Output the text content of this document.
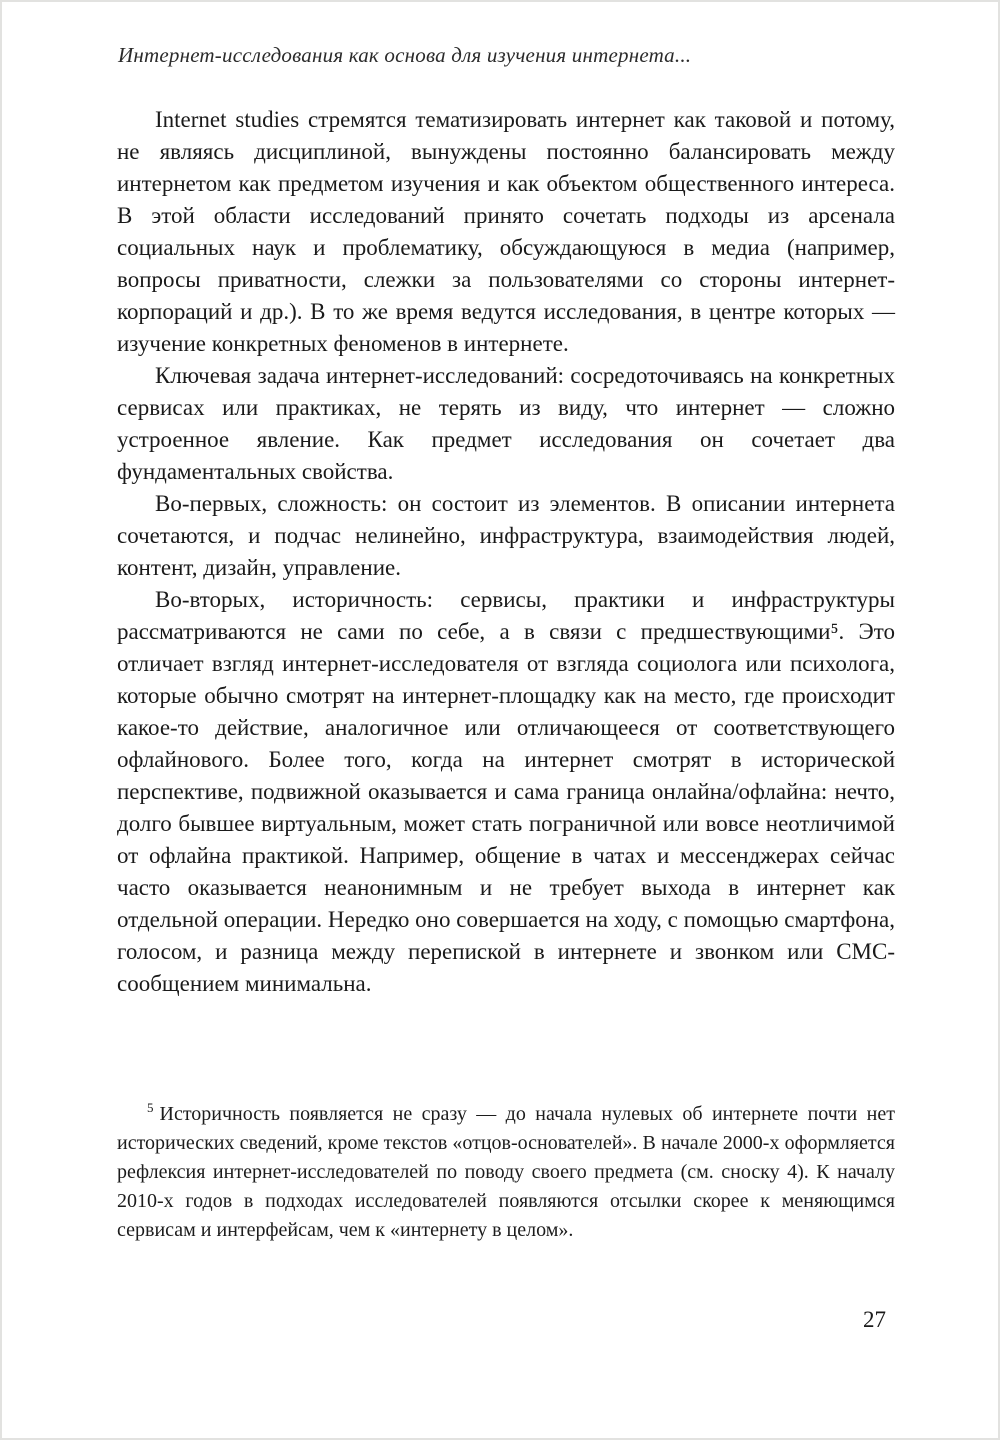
Интернет-исследования как основа для изучения интернета...

Internet studies стремятся тематизировать интернет как таковой и потому, не являясь дисциплиной, вынуждены постоянно балансировать между интернетом как предметом изучения и как объектом общественного интереса. В этой области исследований принято сочетать подходы из арсенала социальных наук и проблематику, обсуждающуюся в медиа (например, вопросы приватности, слежки за пользователями со стороны интернет-корпораций и др.). В то же время ведутся исследования, в центре которых — изучение конкретных феноменов в интернете.

Ключевая задача интернет-исследований: сосредоточиваясь на конкретных сервисах или практиках, не терять из виду, что интернет — сложно устроенное явление. Как предмет исследования он сочетает два фундаментальных свойства.

Во-первых, сложность: он состоит из элементов. В описании интернета сочетаются, и подчас нелинейно, инфраструктура, взаимодействия людей, контент, дизайн, управление.

Во-вторых, историчность: сервисы, практики и инфраструктуры рассматриваются не сами по себе, а в связи с предшествующими⁵. Это отличает взгляд интернет-исследователя от взгляда социолога или психолога, которые обычно смотрят на интернет-площадку как на место, где происходит какое-то действие, аналогичное или отличающееся от соответствующего офлайнового. Более того, когда на интернет смотрят в исторической перспективе, подвижной оказывается и сама граница онлайна/офлайна: нечто, долго бывшее виртуальным, может стать пограничной или вовсе неотличимой от офлайна практикой. Например, общение в чатах и мессенджерах сейчас часто оказывается неанонимным и не требует выхода в интернет как отдельной операции. Нередко оно совершается на ходу, с помощью смартфона, голосом, и разница между перепиской в интернете и звонком или СМС-сообщением минимальна.

$^5$ Историчность появляется не сразу — до начала нулевых об интернете почти нет исторических сведений, кроме текстов «отцов-основателей». В начале 2000-х оформляется рефлексия интернет-исследователей по поводу своего предмета (см. сноску 4). К началу 2010-х годов в подходах исследователей появляются отсылки скорее к меняющимся сервисам и интерфейсам, чем к «интернету в целом».
27
